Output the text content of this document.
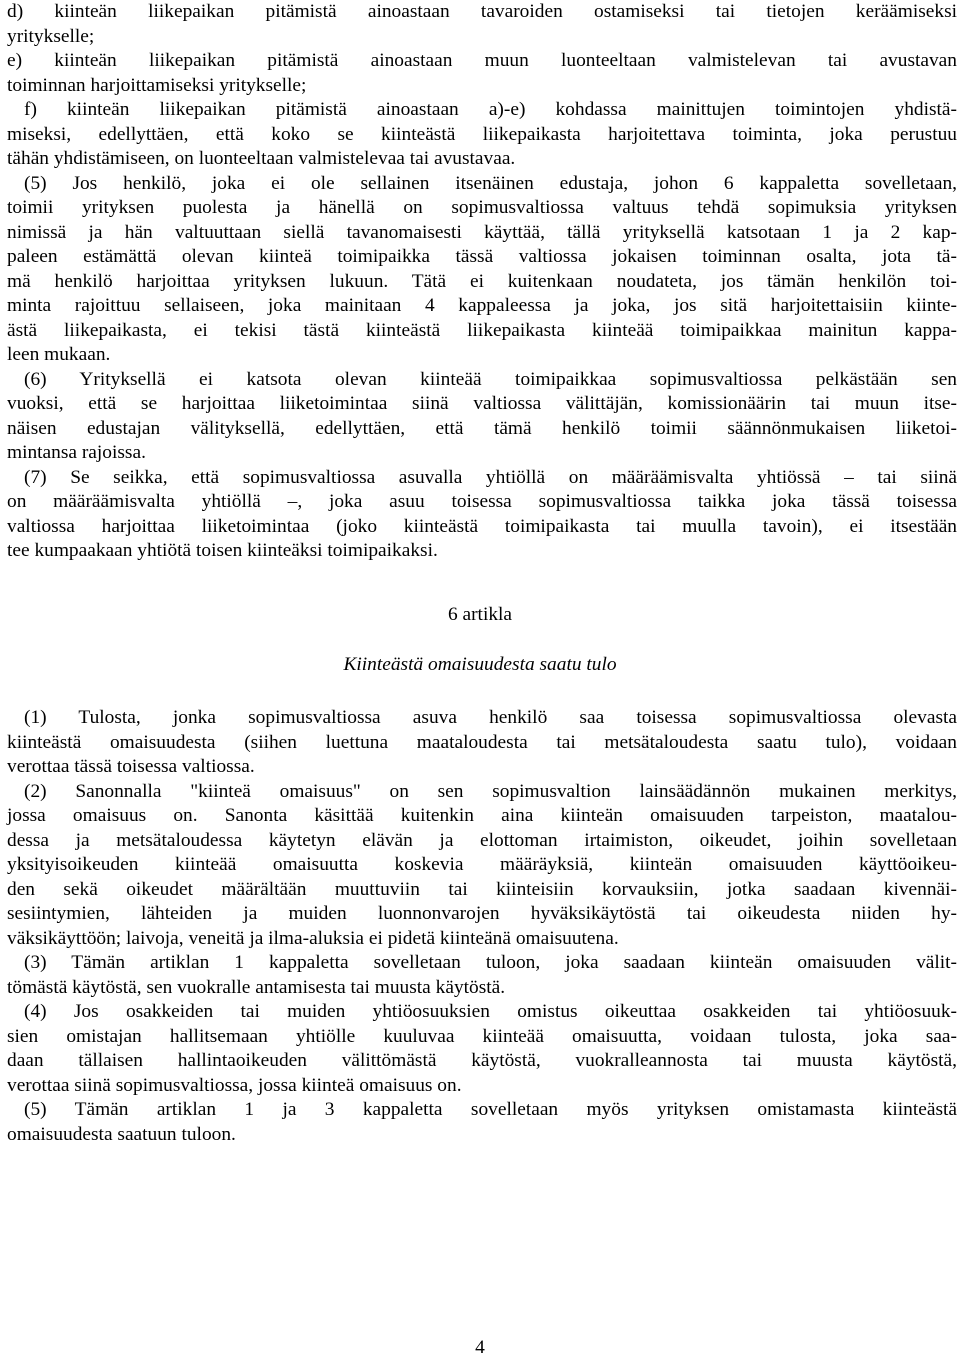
d) kiinteän liikepaikan pitämistä ainoastaan tavaroiden ostamiseksi tai tietojen keräämiseksi
yritykselle;
e) kiinteän liikepaikan pitämistä ainoastaan muun luonteeltaan valmistelevan tai avustavan
toiminnan harjoittamiseksi yritykselle;
f) kiinteän liikepaikan pitämistä ainoastaan a)-e) kohdassa mainittujen toimintojen yhdistä-
miseksi, edellyttäen, että koko se kiinteästä liikepaikasta harjoitettava toiminta, joka perustuu
tähän yhdistämiseen, on luonteeltaan valmistelevaa tai avustavaa.
(5) Jos henkilö, joka ei ole sellainen itsenäinen edustaja, johon 6 kappaletta sovelletaan,
toimii yrityksen puolesta ja hänellä on sopimusvaltiossa valtuus tehdä sopimuksia yrityksen
nimissä ja hän valtuuttaan siellä tavanomaisesti käyttää, tällä yrityksellä katsotaan 1 ja 2 kap-
paleen estämättä olevan kiinteä toimipaikka tässä valtiossa jokaisen toiminnan osalta, jota tä-
mä henkilö harjoittaa yrityksen lukuun. Tätä ei kuitenkaan noudateta, jos tämän henkilön toi-
minta rajoittuu sellaiseen, joka mainitaan 4 kappaleessa ja joka, jos sitä harjoitettaisiin kiinte-
ästä liikepaikasta, ei tekisi tästä kiinteästä liikepaikasta kiinteää toimipaikkaa mainitun kappa-
leen mukaan.
(6) Yrityksellä ei katsota olevan kiinteää toimipaikkaa sopimusvaltiossa pelkästään sen
vuoksi, että se harjoittaa liiketoimintaa siinä valtiossa välittäjän, komissionäärin tai muun itse-
näisen edustajan välityksellä, edellyttäen, että tämä henkilö toimii säännönmukaisen liiketoi-
mintansa rajoissa.
(7) Se seikka, että sopimusvaltiossa asuvalla yhtiöllä on määräämisvalta yhtiössä – tai siinä
on määräämisvalta yhtiöllä –, joka asuu toisessa sopimusvaltiossa taikka joka tässä toisessa
valtiossa harjoittaa liiketoimintaa (joko kiinteästä toimipaikasta tai muulla tavoin), ei itsestään
tee kumpaakaan yhtiötä toisen kiinteäksi toimipaikaksi.
6 artikla
Kiinteästä omaisuudesta saatu tulo
(1) Tulosta, jonka sopimusvaltiossa asuva henkilö saa toisessa sopimusvaltiossa olevasta
kiinteästä omaisuudesta (siihen luettuna maataloudesta tai metsätaloudesta saatu tulo), voidaan
verottaa tässä toisessa valtiossa.
(2) Sanonnalla "kiinteä omaisuus" on sen sopimusvaltion lainsäädännön mukainen merkitys,
jossa omaisuus on. Sanonta käsittää kuitenkin aina kiinteän omaisuuden tarpeiston, maatalou-
dessa ja metsätaloudessa käytetyn elävän ja elottoman irtaimiston, oikeudet, joihin sovelletaan
yksityisoikeuden kiinteää omaisuutta koskevia määräyksiä, kiinteän omaisuuden käyttöoikeu-
den sekä oikeudet määrältään muuttuviin tai kiinteisiin korvauksiin, jotka saadaan kivennäi-
sesiintymien, lähteiden ja muiden luonnonvarojen hyväksikäytöstä tai oikeudesta niiden hy-
väksikäyttöön; laivoja, veneitä ja ilma-aluksia ei pidetä kiinteänä omaisuutena.
(3) Tämän artiklan 1 kappaletta sovelletaan tuloon, joka saadaan kiinteän omaisuuden välit-
tömästä käytöstä, sen vuokralle antamisesta tai muusta käytöstä.
(4) Jos osakkeiden tai muiden yhtiöosuuksien omistus oikeuttaa osakkeiden tai yhtiöosuuk-
sien omistajan hallitsemaan yhtiölle kuuluvaa kiinteää omaisuutta, voidaan tulosta, joka saa-
daan tällaisen hallintaoikeuden välittömästä käytöstä, vuokralleannosta tai muusta käytöstä,
verottaa siinä sopimusvaltiossa, jossa kiinteä omaisuus on.
(5) Tämän artiklan 1 ja 3 kappaletta sovelletaan myös yrityksen omistamasta kiinteästä
omaisuudesta saatuun tuloon.
4
